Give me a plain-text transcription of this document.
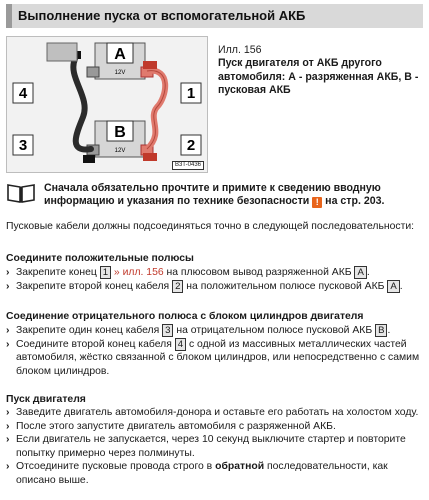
Выполнение пуска от вспомогательной АКБ
A
12V
B
12V
4	1
3	2
B3T-0436
Илл. 156
Пуск двигателя от АКБ другого автомобиля: А - разряженная АКБ, В - пусковая АКБ
Сначала обязательно прочтите и примите к сведению вводную информацию и указания по технике безопасности ! на стр. 203.

Пусковые кабели должны подсоединяться точно в следующей последовательности:

Соедините положительные полюсы
› Закрепите конец 1 » илл. 156 на плюсовом вывод разряженной АКБ A .
› Закрепите второй конец кабеля 2 на положительном полюсе пусковой АКБ A .
Соединение отрицательного полюса с блоком цилиндров двигателя
› Закрепите один конец кабеля 3 на отрицательном полюсе пусковой АКБ B .
› Соедините второй конец кабеля 4 с одной из массивных металлических частей автомобиля, жёстко связанной с блоком цилиндров, или непосредственно с самим блоком цилиндров.
Пуск двигателя
› Заведите двигатель автомобиля-донора и оставьте его работать на холостом ходу.
› После этого запустите двигатель автомобиля с разряженной АКБ.
› Если двигатель не запускается, через 10 секунд выключите стартер и повторите попытку примерно через полминуты.
› Отсоедините пусковые провода строго в обратной последовательности, как описано выше.
